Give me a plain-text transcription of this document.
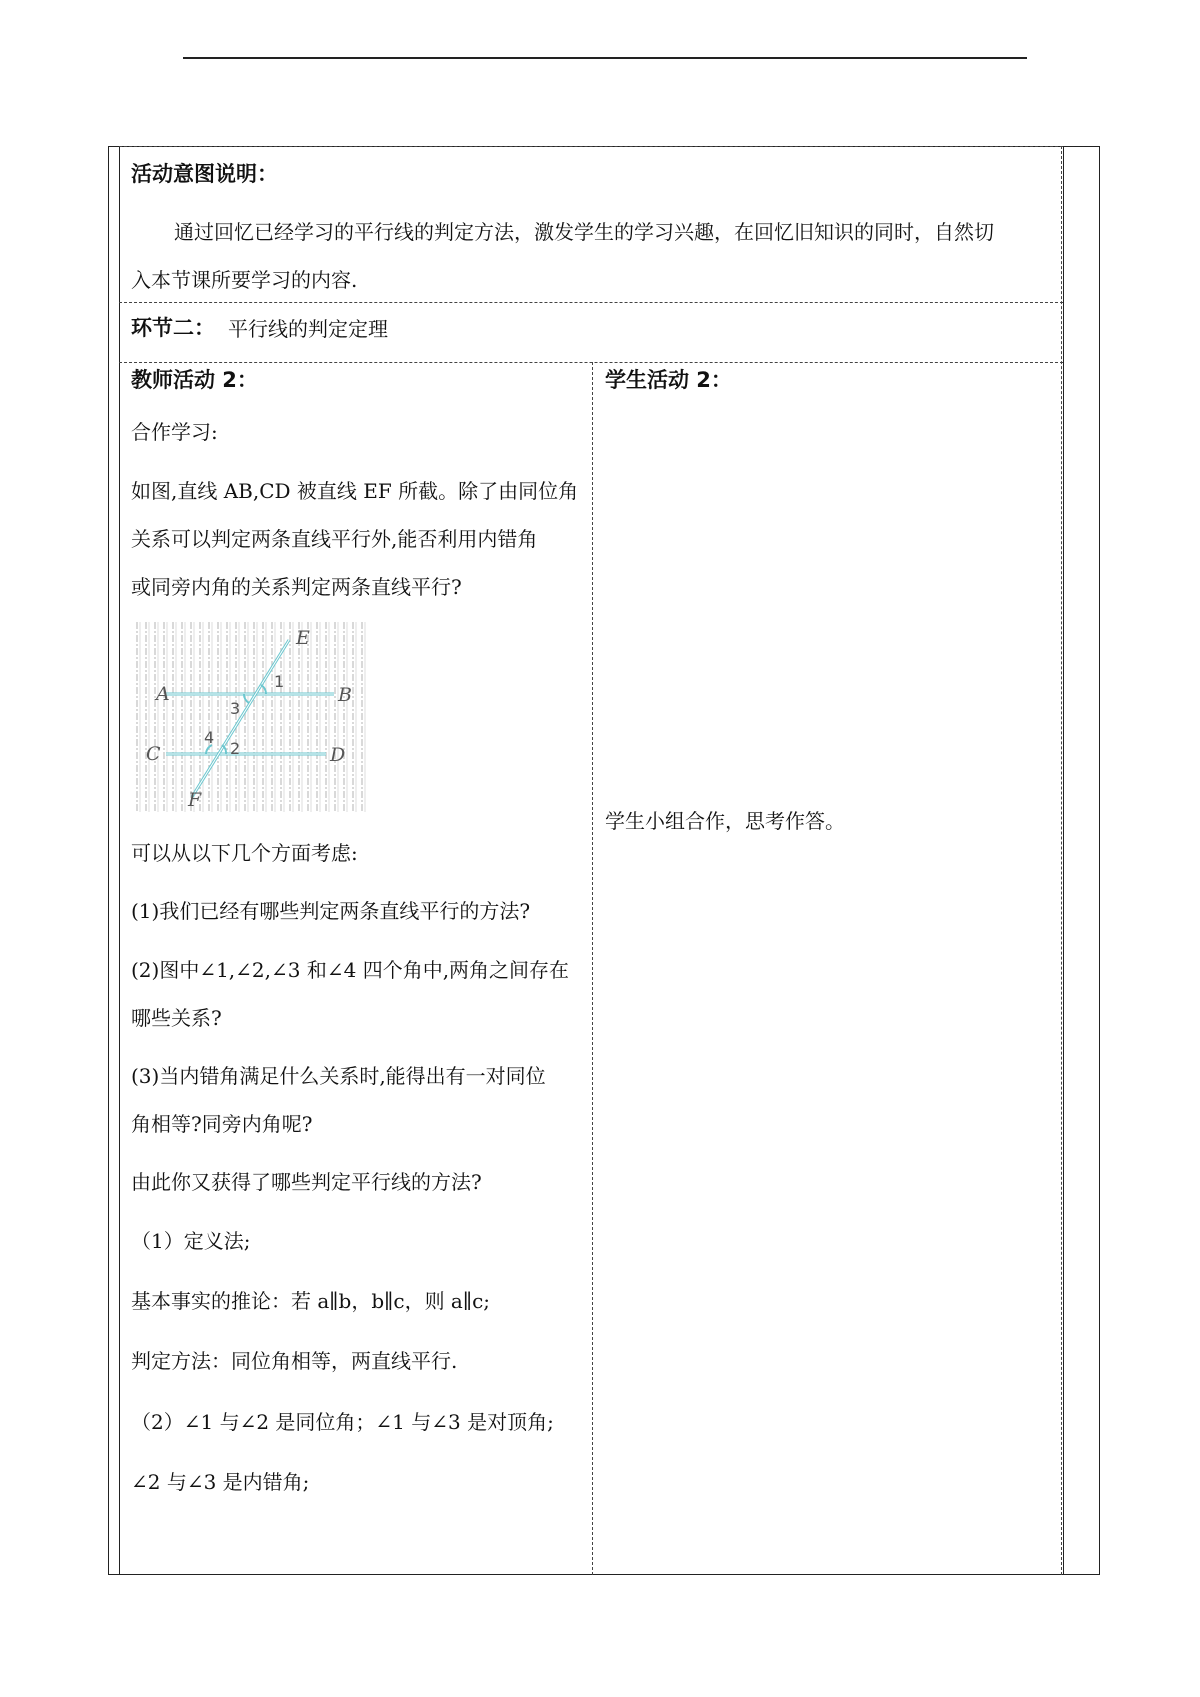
活动意图说明：
通过回忆已经学习的平行线的判定方法，激发学生的学习兴趣，在回忆旧知识的同时，自然切
入本节课所要学习的内容.
环节二： 平行线的判定定理
教师活动 2：
合作学习:
如图,直线 AB,CD 被直线 EF 所截。除了由同位角
关系可以判定两条直线平行外,能否利用内错角
或同旁内角的关系判定两条直线平行?
E
A	B
C	D
F
1
3
4
2
可以从以下几个方面考虑:
(1)我们已经有哪些判定两条直线平行的方法?
(2)图中∠1,∠2,∠3 和∠4 四个角中,两角之间存在
哪些关系?
(3)当内错角满足什么关系时,能得出有一对同位
角相等?同旁内角呢?
由此你又获得了哪些判定平行线的方法?
（1）定义法;
基本事实的推论：若 a∥b，b∥c，则 a∥c;
判定方法：同位角相等，两直线平行.
（2）∠1 与∠2 是同位角；∠1 与∠3 是对顶角;
∠2 与∠3 是内错角;
学生活动 2：
学生小组合作，思考作答。
